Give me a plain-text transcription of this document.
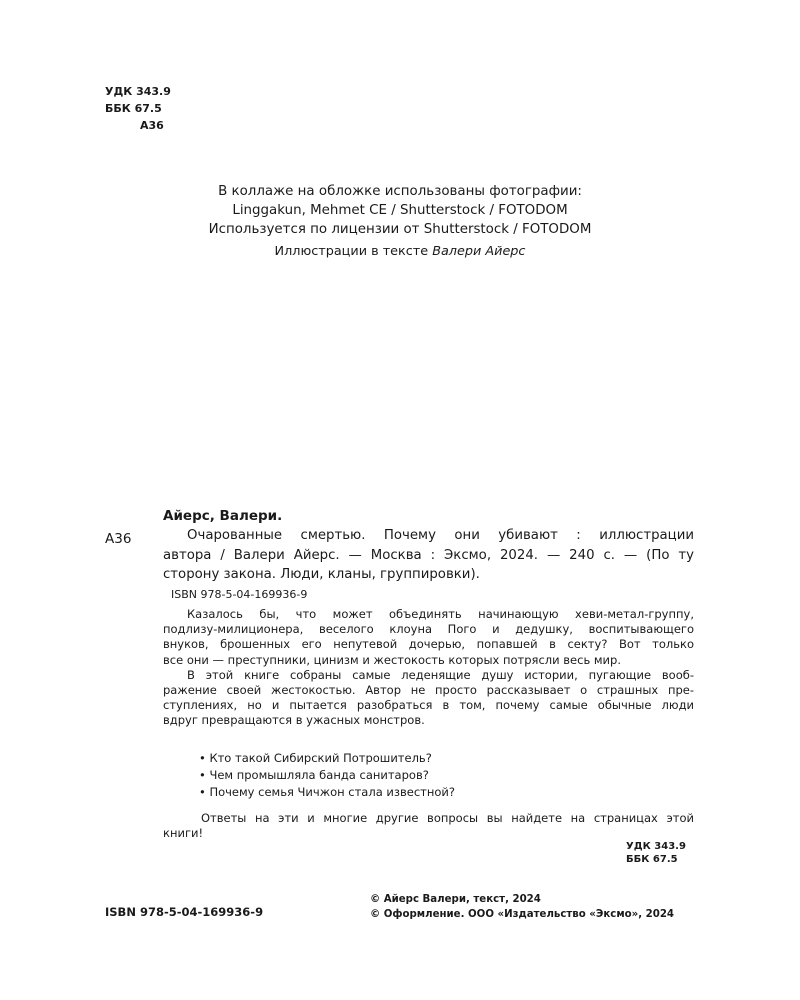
УДК 343.9
ББК 67.5
А36
В коллаже на обложке использованы фотографии:
Linggakun, Mehmet CE / Shutterstock / FOTODOM
Используется по лицензии от Shutterstock / FOTODOM
Иллюстрации в тексте Валери Айерс
Айерс, Валери.
А36	Очарованные смертью. Почему они убивают : иллюстрации
автора / Валери Айерс. — Москва : Эксмо, 2024. — 240 с. — (По ту
сторону закона. Люди, кланы, группировки).
ISBN 978-5-04-169936-9
Казалось бы, что может объединять начинающую хеви-метал-группу,
подлизу-милиционера, веселого клоуна Пого и дедушку, воспитывающего
внуков, брошенных его непутевой дочерью, попавшей в секту? Вот только
все они — преступники, цинизм и жестокость которых потрясли весь мир.
В этой книге собраны самые леденящие душу истории, пугающие вооб-
ражение своей жестокостью. Автор не просто рассказывает о страшных пре-
ступлениях, но и пытается разобраться в том, почему самые обычные люди
вдруг превращаются в ужасных монстров.
• Кто такой Сибирский Потрошитель?
• Чем промышляла банда санитаров?
• Почему семья Чичжон стала известной?
Ответы на эти и многие другие вопросы вы найдете на страницах этой
книги!
УДК 343.9
ББК 67.5
© Айерс Валери, текст, 2024
© Оформление. ООО «Издательство «Эксмо», 2024
ISBN 978-5-04-169936-9
